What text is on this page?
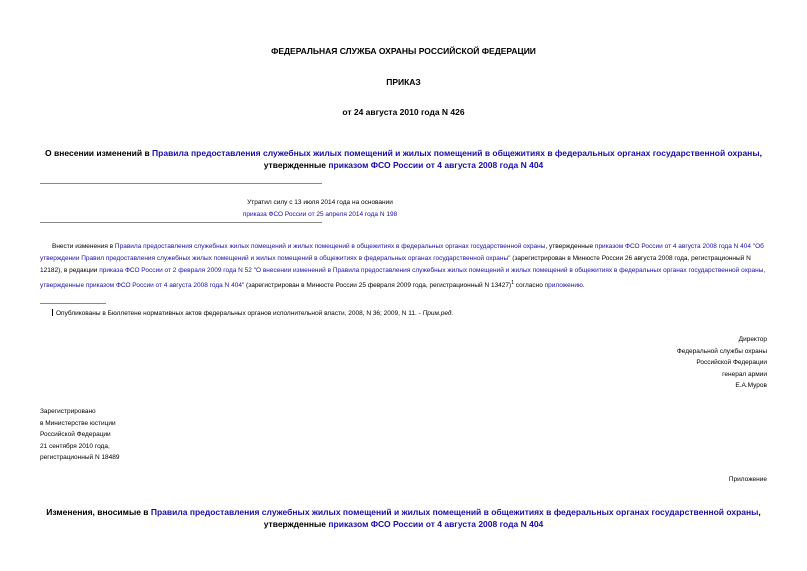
ФЕДЕРАЛЬНАЯ СЛУЖБА ОХРАНЫ РОССИЙСКОЙ ФЕДЕРАЦИИ
ПРИКАЗ
от 24 августа 2010 года N 426
О внесении изменений в Правила предоставления служебных жилых помещений и жилых помещений в общежитиях в федеральных органах государственной охраны, утвержденные приказом ФСО России от 4 августа 2008 года N 404
Утратил силу с 13 июля 2014 года на основании
приказа ФСО России от 25 апреля 2014 года N 198
Внести изменения в Правила предоставления служебных жилых помещений и жилых помещений в общежитиях в федеральных органах государственной охраны, утвержденные приказом ФСО России от 4 августа 2008 года N 404 "Об утверждении Правил предоставления служебных жилых помещений и жилых помещений в общежитиях в федеральных органах государственной охраны" (зарегистрирован в Минюсте России 26 августа 2008 года, регистрационный N 12182), в редакции приказа ФСО России от 2 февраля 2009 года N 52 "О внесении изменений в Правила предоставления служебных жилых помещений и жилых помещений в общежитиях в федеральных органах государственной охраны, утвержденные приказом ФСО России от 4 августа 2008 года N 404" (зарегистрирован в Минюсте России 25 февраля 2009 года, регистрационный N 13427)$^1$ согласно приложению.
Опубликованы в Бюллетене нормативных актов федеральных органов исполнительной власти, 2008, N 36; 2009, N 11. - Прим.ред.
Директор
Федеральной службы охраны
Российской Федерации
генерал армии
Е.А.Муров
Зарегистрировано
в Министерстве юстиции
Российской Федерации
21 сентября 2010 года,
регистрационный N 18489
Приложение
Изменения, вносимые в Правила предоставления служебных жилых помещений и жилых помещений в общежитиях в федеральных органах государственной охраны, утвержденные приказом ФСО России от 4 августа 2008 года N 404
